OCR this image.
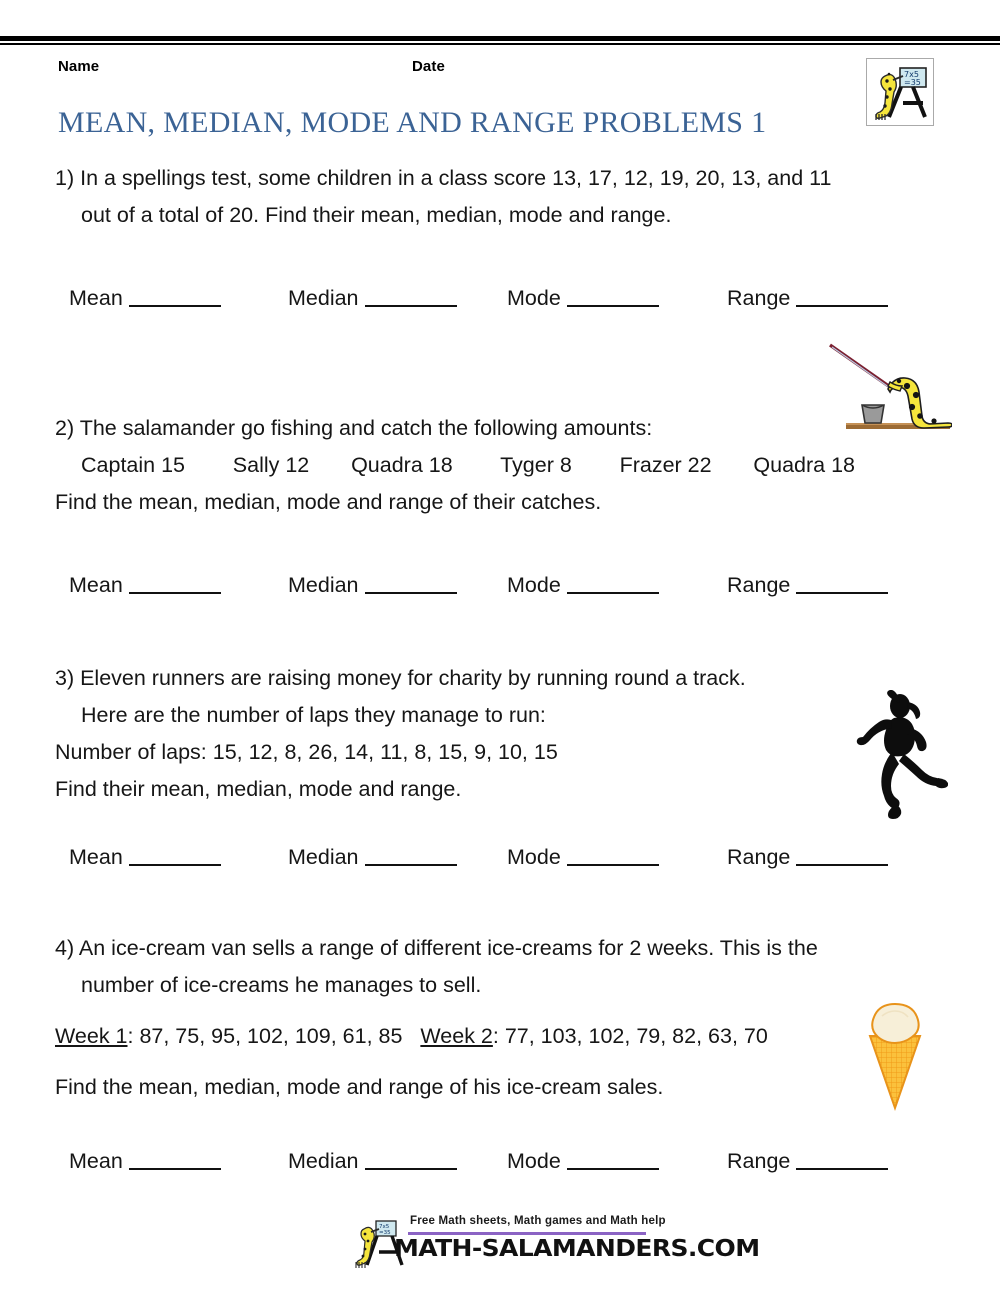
Name	Date	7x5
=35
MEAN, MEDIAN, MODE AND RANGE PROBLEMS 1
1) In a spellings test, some children in a class score 13, 17, 12, 19, 20, 13, and 11
out of a total of 20. Find their mean, median, mode and range.
Mean	Median	Mode	Range
2) The salamander go fishing and catch the following amounts:
Captain 15        Sally 12       Quadra 18        Tyger 8        Frazer 22       Quadra 18
Find the mean, median, mode and range of their catches.
Mean	Median	Mode	Range
3) Eleven runners are raising money for charity by running round a track.
Here are the number of laps they manage to run:
Number of laps: 15, 12, 8, 26, 14, 11, 8, 15, 9, 10, 15
Find their mean, median, mode and range.
Mean	Median	Mode	Range
4) An ice-cream van sells a range of different ice-creams for 2 weeks. This is the
number of ice-creams he manages to sell.
Week 1: 87, 75, 95, 102, 109, 61, 85   Week 2: 77, 103, 102, 79, 82, 63, 70
Find the mean, median, mode and range of his ice-cream sales.
Mean	Median	Mode	Range
7x5
=35
Free Math sheets, Math games and Math help
MATH-SALAMANDERS.COM
